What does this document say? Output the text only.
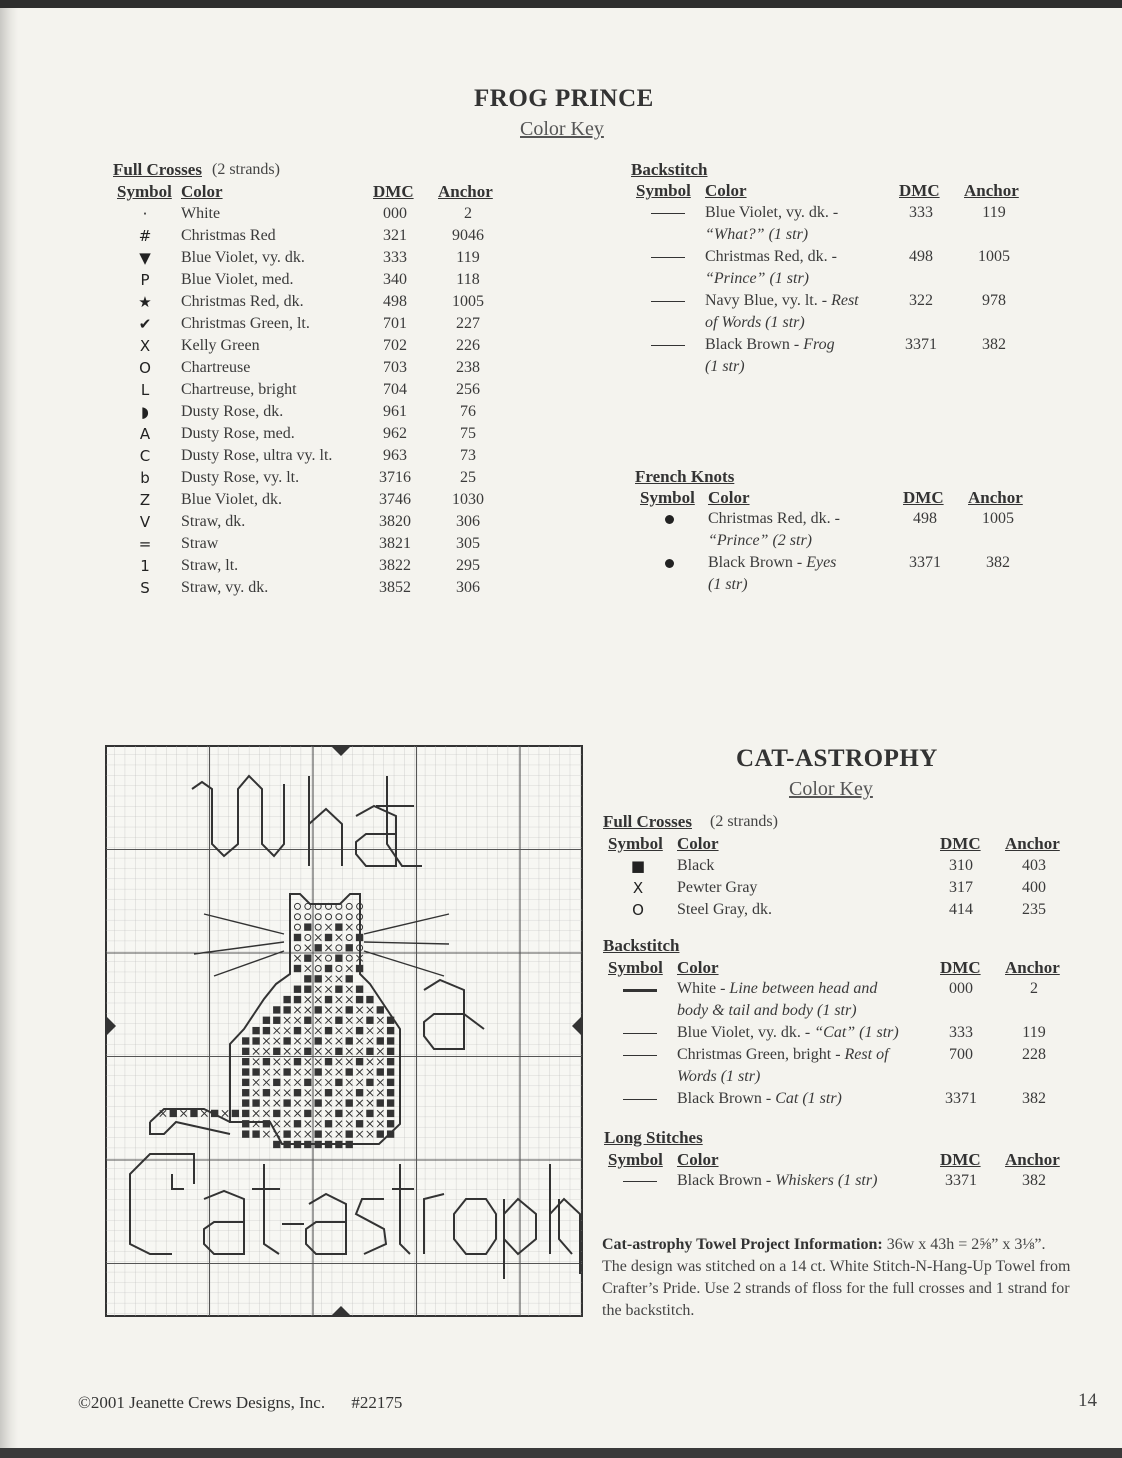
FROG PRINCE
Color Key
Full Crosses (2 strands)
Symbol Color	DMC Anchor
·	White	000	2
#	Christmas Red	321	9046
▼	Blue Violet, vy. dk.	333	119
P	Blue Violet, med.	340	118
★	Christmas Red, dk.	498	1005
✔	Christmas Green, lt.	701	227
X	Kelly Green	702	226
O	Chartreuse	703	238
L	Chartreuse, bright	704	256
◗	Dusty Rose, dk.	961	76
A	Dusty Rose, med.	962	75
C	Dusty Rose, ultra vy. lt.	963	73
b	Dusty Rose, vy. lt.	3716	25
Z	Blue Violet, dk.	3746	1030
V	Straw, dk.	3820	306
=	Straw	3821	305
1	Straw, lt.	3822	295
S	Straw, vy. dk.	3852	306
Backstitch
Symbol Color	DMC Anchor
Blue Violet, vy. dk. -
“What?” (1 str)
333	119
Christmas Red, dk. -
“Prince” (1 str)
498	1005
Navy Blue, vy. lt. - Rest
of Words (1 str)
322	978
Black Brown - Frog
(1 str)
3371	382
French Knots
Symbol Color	DMC Anchor
Christmas Red, dk. -
“Prince” (2 str)
498	1005
Black Brown - Eyes
(1 str)
3371	382
CAT-ASTROPHY
Color Key
Full Crosses (2 strands)
Symbol Color	DMC Anchor
■	Black	310	403
X	Pewter Gray	317	400
O	Steel Gray, dk.	414	235
Backstitch
Symbol Color	DMC Anchor
White - Line between head and
body & tail and body (1 str)
000	2
Blue Violet, vy. dk. - “Cat” (1 str)	333	119
Christmas Green, bright - Rest of
Words (1 str)
700	228
Black Brown - Cat (1 str)	3371	382
Long Stitches
Symbol Color	DMC Anchor
Black Brown - Whiskers (1 str)	3371	382
Cat-astrophy Towel Project Information: 36w x 43h = 2⅝” x 3⅛”. The design was stitched on a 14 ct. White Stitch-N-Hang-Up Towel from Crafter’s Pride. Use 2 strands of floss for the full crosses and 1 strand for the backstitch.
©2001 Jeanette Crews Designs, Inc. #22175	14
